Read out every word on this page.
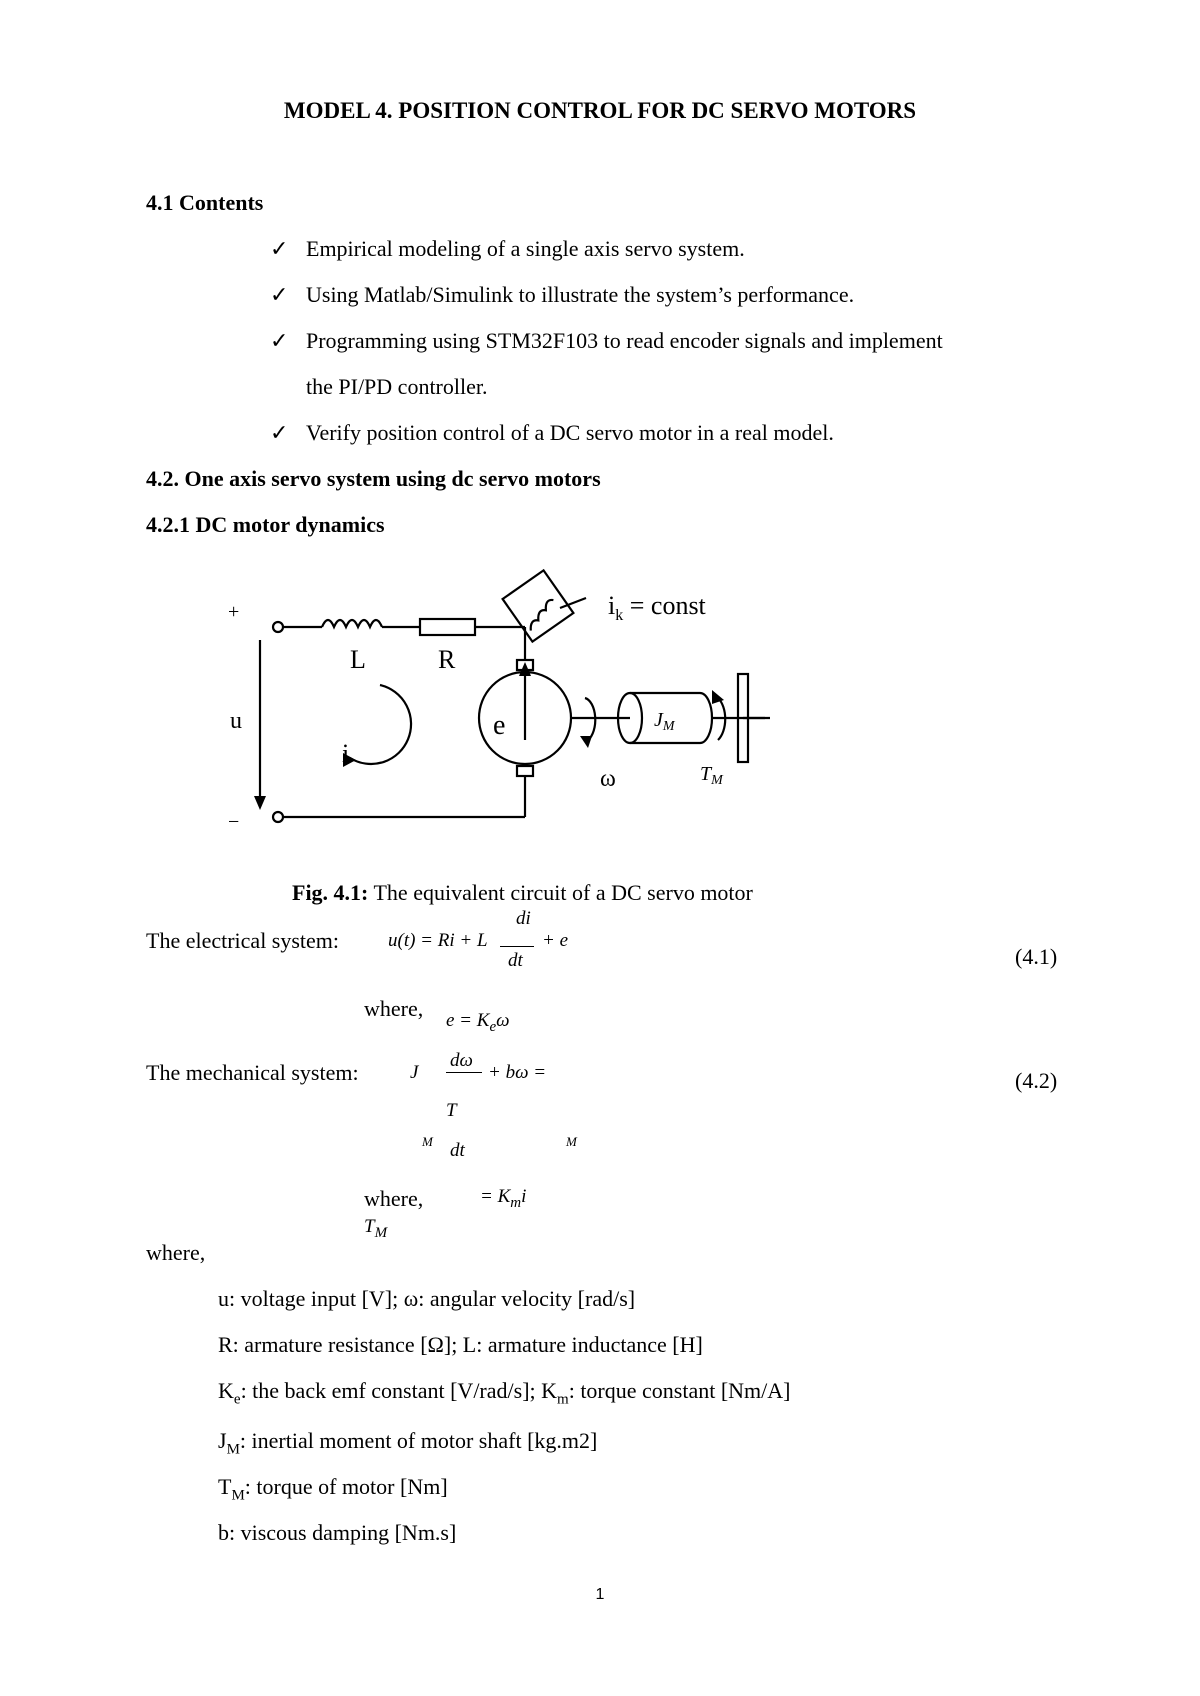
MODEL 4. POSITION CONTROL FOR DC SERVO MOTORS
4.1 Contents
✓ Empirical modeling of a single axis servo system.
✓ Using Matlab/Simulink to illustrate the system’s performance.
✓ Programming using STM32F103 to read encoder signals and implement
the PI/PD controller.
✓ Verify position control of a DC servo motor in a real model.
4.2. One axis servo system using dc servo motors
4.2.1 DC motor dynamics
+
−
u
L	R
i
e
$i_k$ = const
ω
$J_M$
$T_M$
Fig. 4.1: The equivalent circuit of a DC servo motor
The electrical system:	u(t) = Ri + L
di
dt
+ e
(4.1)
where, $e = K_e\omega$
The mechanical system:	J
dω
+ bω =	(4.2)
T
M dt	M
where,	= $K_mi$
$T_M$
where,
u: voltage input [V]; ω: angular velocity [rad/s]
R: armature resistance [Ω]; L: armature inductance [H]
$K_e$: the back emf constant [V/rad/s]; $K_m$: torque constant [Nm/A]
$J_M$: inertial moment of motor shaft [kg.m2]
$T_M$: torque of motor [Nm]
b: viscous damping [Nm.s]
1
